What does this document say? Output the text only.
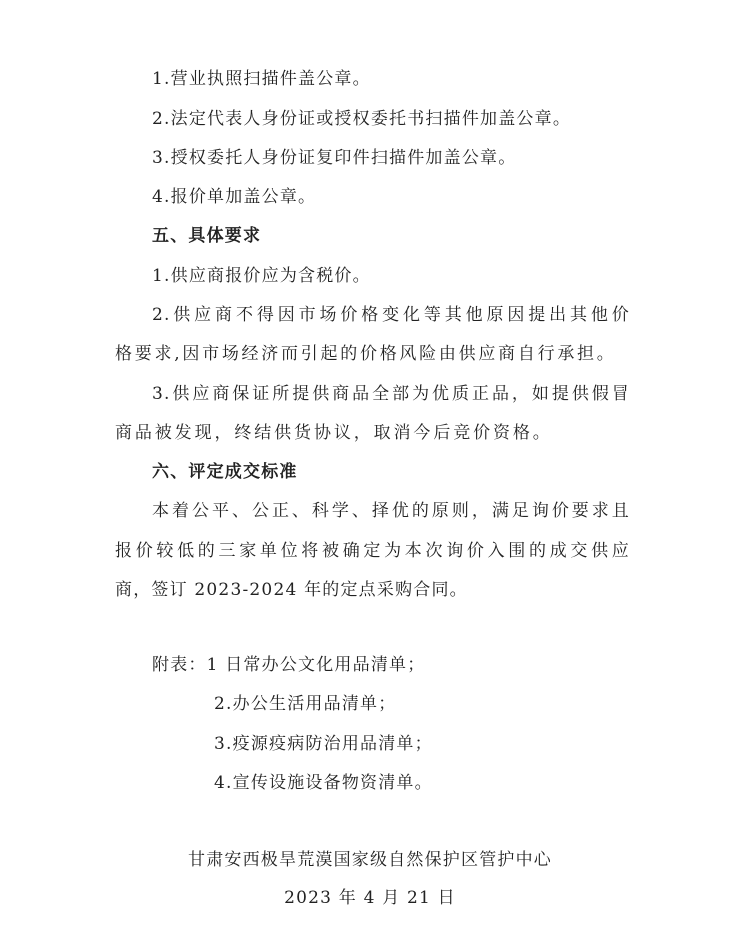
1.营业执照扫描件盖公章。
2.法定代表人身份证或授权委托书扫描件加盖公章。
3.授权委托人身份证复印件扫描件加盖公章。
4.报价单加盖公章。
五、具体要求
1.供应商报价应为含税价。
2.供应商不得因市场价格变化等其他原因提出其他价
格要求,因市场经济而引起的价格风险由供应商自行承担。
3.供应商保证所提供商品全部为优质正品，如提供假冒
商品被发现，终结供货协议，取消今后竞价资格。
六、评定成交标准
本着公平、公正、科学、择优的原则，满足询价要求且
报价较低的三家单位将被确定为本次询价入围的成交供应
商，签订 2023-2024 年的定点采购合同。
附表：1 日常办公文化用品清单；
2.办公生活用品清单；
3.疫源疫病防治用品清单；
4.宣传设施设备物资清单。
甘肃安西极旱荒漠国家级自然保护区管护中心
2023 年 4 月 21 日
